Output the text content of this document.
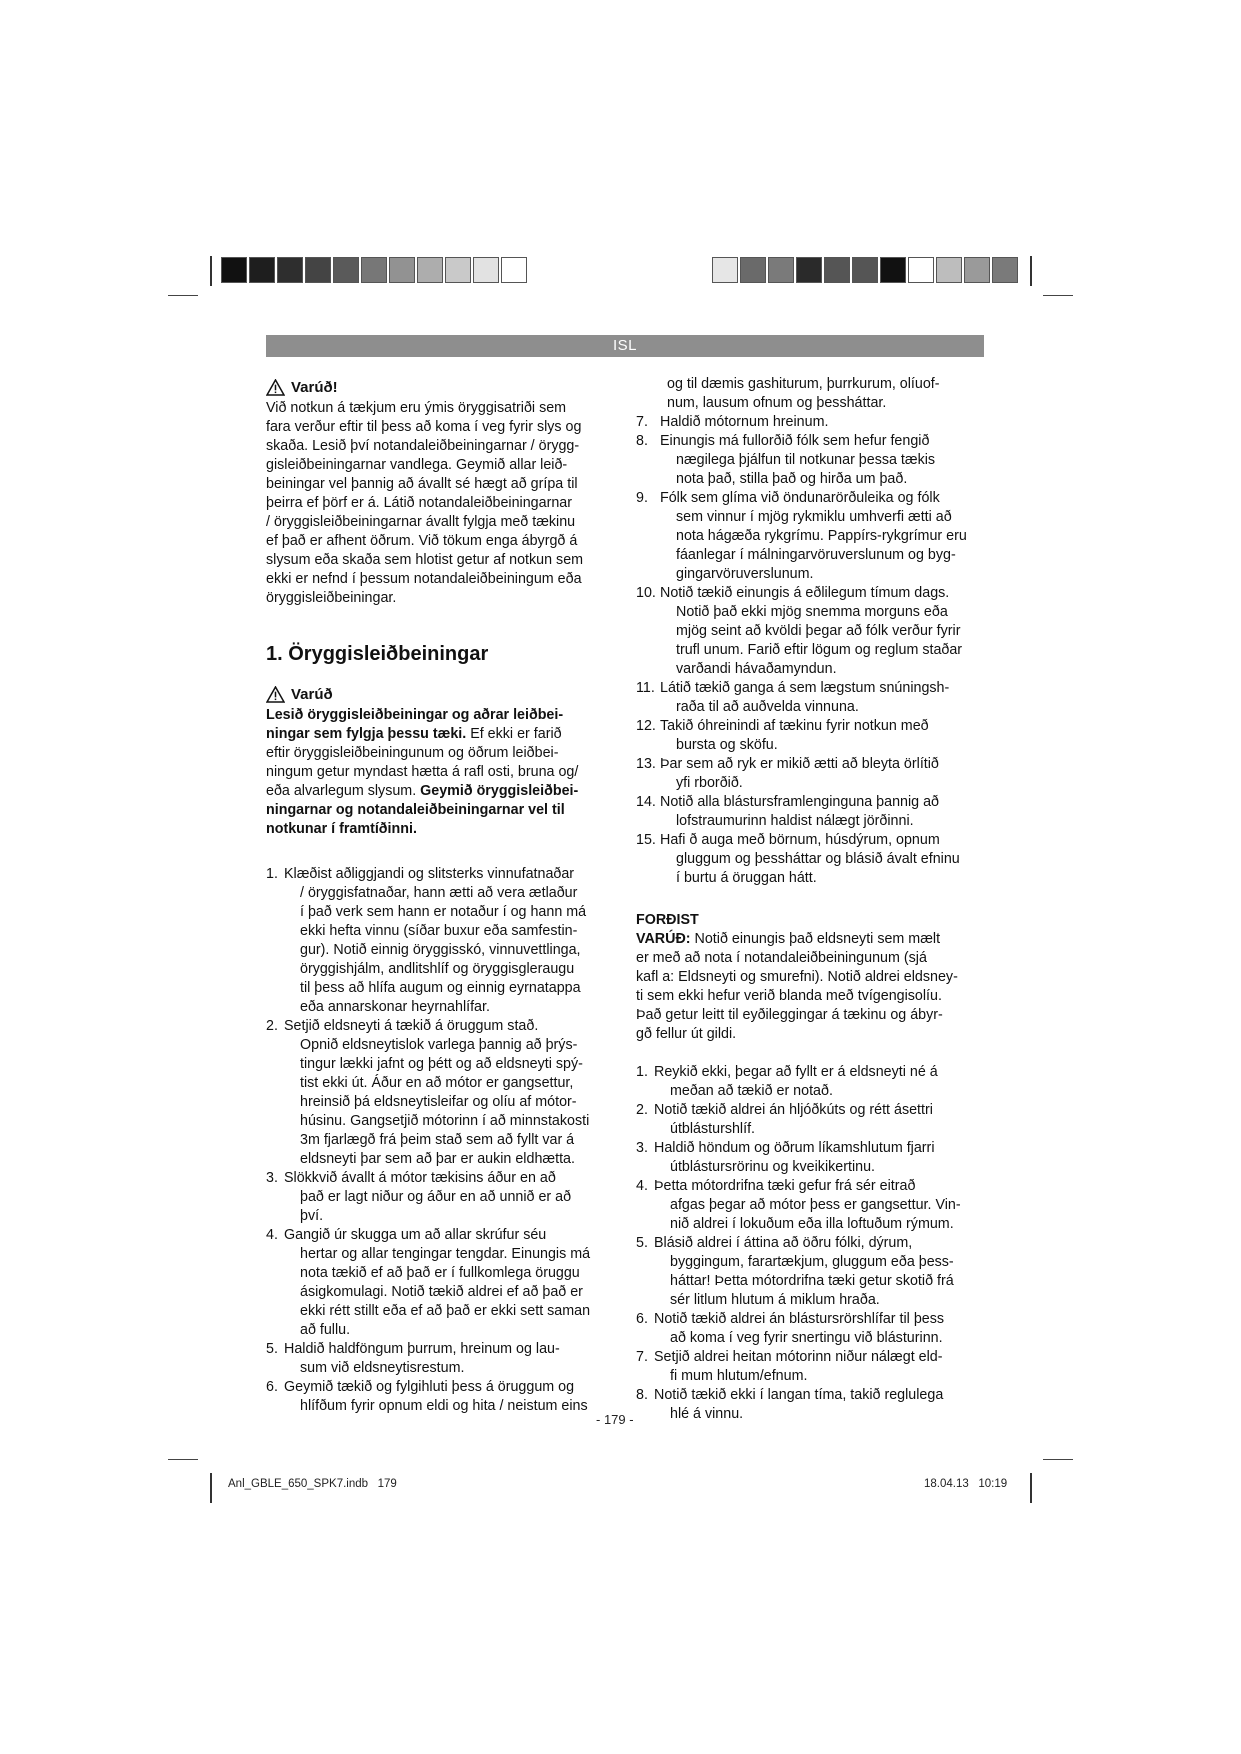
ISL
Varúð!

Við notkun á tækjum eru ýmis öryggisatriði sem

fara verður eftir til þess að koma í veg fyrir slys og

skaða. Lesið því notandaleiðbeiningarnar / örygg-

gisleiðbeiningarnar vandlega. Geymið allar leið-

beiningar vel þannig að ávallt sé hægt að grípa til

þeirra ef þörf er á. Látið notandaleiðbeiningarnar

/ öryggisleiðbeiningarnar ávallt fylgja með tækinu

ef það er afhent öðrum. Við tökum enga ábyrgð á

slysum eða skaða sem hlotist getur af notkun sem

ekki er nefnd í þessum notandaleiðbeiningum eða

öryggisleiðbeiningar.

1. Öryggisleiðbeiningar

Varúð

Lesið öryggisleiðbeiningar og aðrar leiðbei-

ningar sem fylgja þessu tæki. Ef ekki er farið

eftir öryggisleiðbeiningunum og öðrum leiðbei-

ningum getur myndast hætta á rafl osti, bruna og/

eða alvarlegum slysum. Geymið öryggisleiðbei-

ningarnar og notandaleiðbeiningarnar vel til

notkunar í framtíðinni.

1. Klæðist aðliggjandi og slitsterks vinnufatnaðar
/ öryggisfatnaðar, hann ætti að vera ætlaður
í það verk sem hann er notaður í og hann má
ekki hefta vinnu (síðar buxur eða samfestin-
gur). Notið einnig öryggisskó, vinnuvettlinga,
öryggishjálm, andlitshlíf og öryggisgleraugu
til þess að hlífa augum og einnig eyrnatappa
eða annarskonar heyrnahlífar.
2. Setjið eldsneyti á tækið á öruggum stað.
Opnið eldsneytislok varlega þannig að þrýs-
tingur lækki jafnt og þétt og að eldsneyti spý-
tist ekki út. Áður en að mótor er gangsettur,
hreinsið þá eldsneytisleifar og olíu af mótor-
húsinu. Gangsetjið mótorinn í að minnstakosti
3m fjarlægð frá þeim stað sem að fyllt var á
eldsneyti þar sem að þar er aukin eldhætta.
3. Slökkvið ávallt á mótor tækisins áður en að
það er lagt niður og áður en að unnið er að
því.
4. Gangið úr skugga um að allar skrúfur séu
hertar og allar tengingar tengdar. Einungis má
nota tækið ef að það er í fullkomlega öruggu
ásigkomulagi. Notið tækið aldrei ef að það er
ekki rétt stillt eða ef að það er ekki sett saman
að fullu.
5. Haldið haldföngum þurrum, hreinum og lau-
sum við eldsneytisrestum.
6. Geymið tækið og fylgihluti þess á öruggum og
hlífðum fyrir opnum eldi og hita / neistum eins

og til dæmis gashiturum, þurrkurum, olíuof-

num, lausum ofnum og þessháttar.

7. Haldið mótornum hreinum.
8. Einungis má fullorðið fólk sem hefur fengið
nægilega þjálfun til notkunar þessa tækis
nota það, stilla það og hirða um það.
9. Fólk sem glíma við öndunarörðuleika og fólk
sem vinnur í mjög rykmiklu umhverfi ætti að
nota hágæða rykgrímu. Pappírs-rykgrímur eru
fáanlegar í málningarvöruverslunum og byg-
gingarvöruverslunum.
10. Notið tækið einungis á eðlilegum tímum dags.
Notið það ekki mjög snemma morguns eða
mjög seint að kvöldi þegar að fólk verður fyrir
trufl unum. Farið eftir lögum og reglum staðar
varðandi hávaðamyndun.
11. Látið tækið ganga á sem lægstum snúningsh-
raða til að auðvelda vinnuna.
12. Takið óhreinindi af tækinu fyrir notkun með
bursta og sköfu.
13. Þar sem að ryk er mikið ætti að bleyta örlítið
yfi rborðið.
14. Notið alla blástursframlenginguna þannig að
lofstraumurinn haldist nálægt jörðinni.
15. Hafi ð auga með börnum, húsdýrum, opnum
gluggum og þessháttar og blásið ávalt efninu
í burtu á öruggan hátt.

FORÐIST

VARÚÐ: Notið einungis það eldsneyti sem mælt

er með að nota í notandaleiðbeiningunum (sjá

kafl a: Eldsneyti og smurefni). Notið aldrei eldsney-

ti sem ekki hefur verið blanda með tvígengisolíu.

Það getur leitt til eyðileggingar á tækinu og ábyr-

gð fellur út gildi.

1. Reykið ekki, þegar að fyllt er á eldsneyti né á
meðan að tækið er notað.
2. Notið tækið aldrei án hljóðkúts og rétt ásettri
útblásturshlíf.
3. Haldið höndum og öðrum líkamshlutum fjarri
útblástursrörinu og kveikikertinu.
4. Þetta mótordrifna tæki gefur frá sér eitrað
afgas þegar að mótor þess er gangsettur. Vin-
nið aldrei í lokuðum eða illa loftuðum rýmum.
5. Blásið aldrei í áttina að öðru fólki, dýrum,
byggingum, farartækjum, gluggum eða þess-
háttar! Þetta mótordrifna tæki getur skotið frá
sér litlum hlutum á miklum hraða.
6. Notið tækið aldrei án blástursrörshlífar til þess
að koma í veg fyrir snertingu við blásturinn.
7. Setjið aldrei heitan mótorinn niður nálægt eld-
fi mum hlutum/efnum.
8. Notið tækið ekki í langan tíma, takið reglulega
hlé á vinnu.
- 179 -
Anl_GBLE_650_SPK7.indb   179	18.04.13   10:19
